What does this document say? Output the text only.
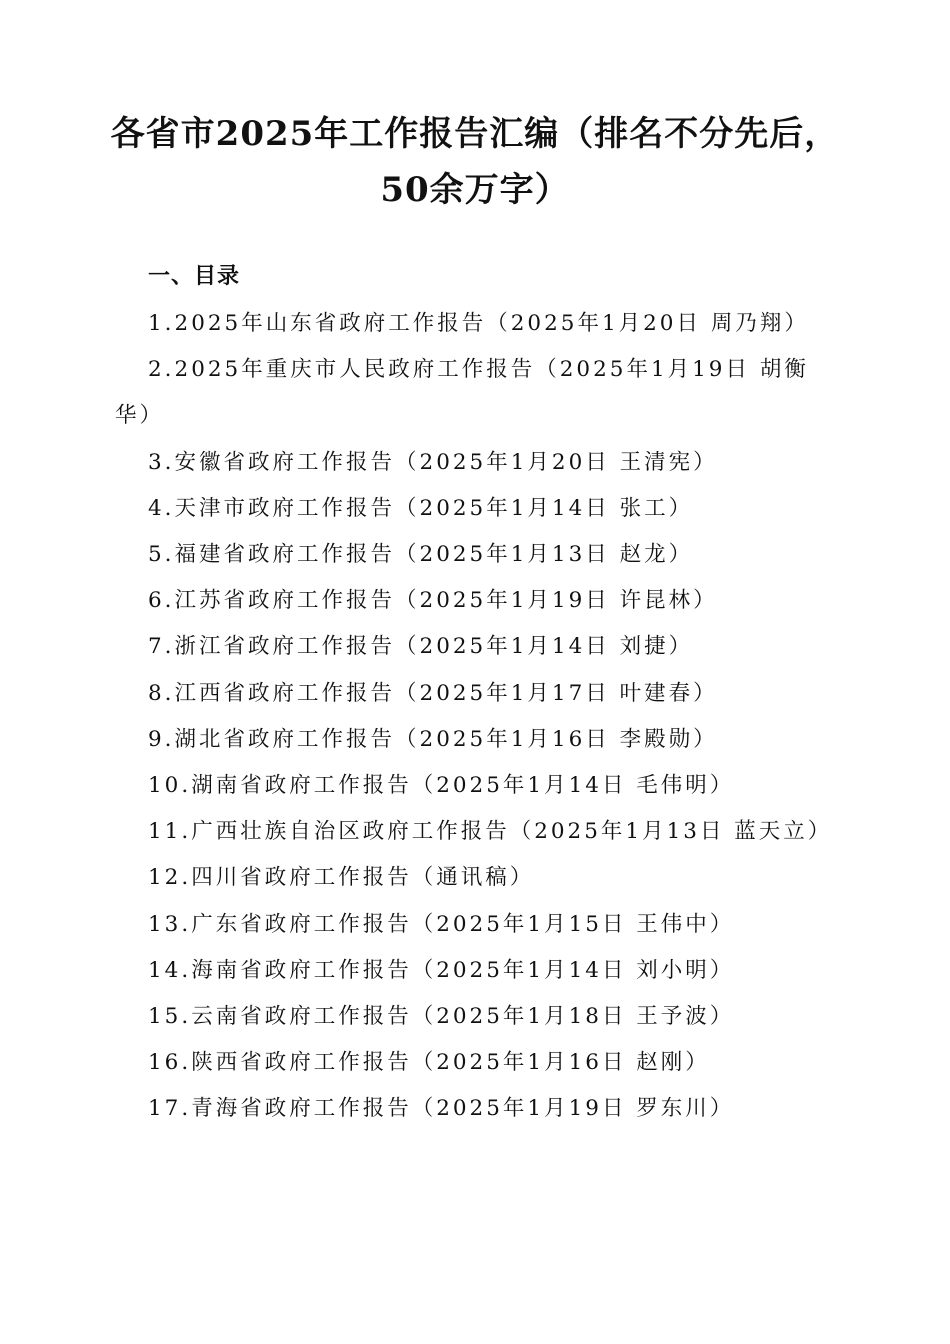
各省市2025年工作报告汇编（排名不分先后，50余万字）
一、目录
1.2025年山东省政府工作报告（2025年1月20日 周乃翔）
2.2025年重庆市人民政府工作报告（2025年1月19日 胡衡华）
3.安徽省政府工作报告（2025年1月20日 王清宪）
4.天津市政府工作报告（2025年1月14日 张工）
5.福建省政府工作报告（2025年1月13日 赵龙）
6.江苏省政府工作报告（2025年1月19日 许昆林）
7.浙江省政府工作报告（2025年1月14日 刘捷）
8.江西省政府工作报告（2025年1月17日 叶建春）
9.湖北省政府工作报告（2025年1月16日 李殿勋）
10.湖南省政府工作报告（2025年1月14日 毛伟明）
11.广西壮族自治区政府工作报告（2025年1月13日 蓝天立）
12.四川省政府工作报告（通讯稿）
13.广东省政府工作报告（2025年1月15日 王伟中）
14.海南省政府工作报告（2025年1月14日 刘小明）
15.云南省政府工作报告（2025年1月18日 王予波）
16.陕西省政府工作报告（2025年1月16日 赵刚）
17.青海省政府工作报告（2025年1月19日 罗东川）
